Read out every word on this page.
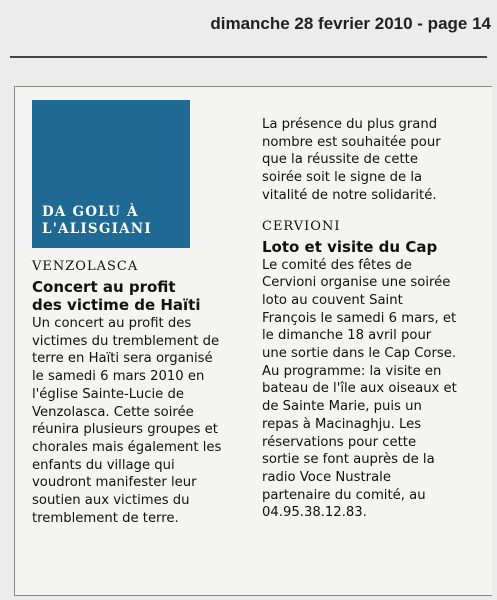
dimanche 28 fevrier 2010 - page 14
DA GOLU À
L'ALISGIANI
VENZOLASCA
Concert au profit
des victime de Haïti
Un concert au profit des
victimes du tremblement de
terre en Haïti sera organisé
le samedi 6 mars 2010 en
l'église Sainte-Lucie de
Venzolasca. Cette soirée
réunira plusieurs groupes et
chorales mais également les
enfants du village qui
voudront manifester leur
soutien aux victimes du
tremblement de terre.
La présence du plus grand
nombre est souhaitée pour
que la réussite de cette
soirée soit le signe de la
vitalité de notre solidarité.
CERVIONI
Loto et visite du Cap
Le comité des fêtes de
Cervioni organise une soirée
loto au couvent Saint
François le samedi 6 mars, et
le dimanche 18 avril pour
une sortie dans le Cap Corse.
Au programme: la visite en
bateau de l'île aux oiseaux et
de Sainte Marie, puis un
repas à Macinaghju. Les
réservations pour cette
sortie se font auprès de la
radio Voce Nustrale
partenaire du comité, au
04.95.38.12.83.
